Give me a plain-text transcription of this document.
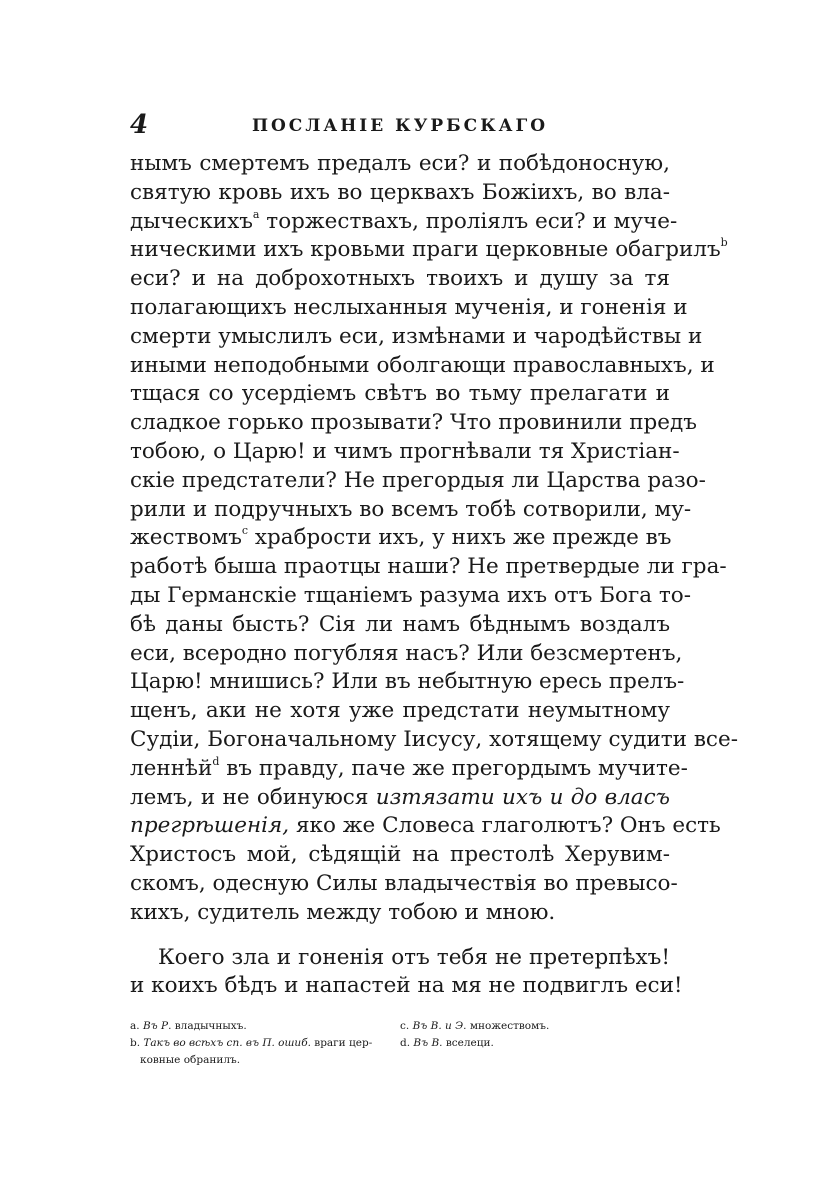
4	ПОСЛАНІЕ КУРБСКАГО
нымъ смертемъ предалъ еси? и побѣдоносную,
святую кровь ихъ во церквахъ Божіихъ, во вла-
дыческихъ$^a$ торжествахъ, проліялъ еси? и муче-
ническими ихъ кровьми праги церковные обагрилъ$^b$
еси? и на доброхотныхъ твоихъ и душу за тя
полагающихъ неслыханныя мученія, и гоненія и
смерти умыслилъ еси, измѣнами и чародѣйствы и
иными неподобными оболгающи православныхъ, и
тщася со усердіемъ свѣтъ во тьму прелагати и
сладкое горько прозывати? Что провинили предъ
тобою, о Царю! и чимъ прогнѣвали тя Христіан-
скіе предстатели? Не прегордыя ли Царства разо-
рили и подручныхъ во всемъ тобѣ сотворили, му-
жествомъ$^c$ храбрости ихъ, у нихъ же прежде въ
работѣ быша праотцы наши? Не претвердые ли гра-
ды Германскіе тщаніемъ разума ихъ отъ Бога то-
бѣ даны бысть? Сія ли намъ бѣднымъ воздалъ
еси, всеродно погубляя насъ? Или безсмертенъ,
Царю! мнишись? Или въ небытную ересь прелъ-
щенъ, аки не хотя уже предстати неумытному
Судіи, Богоначальному Іисусу, хотящему судити все-
леннѣй$^d$ въ правду, паче же прегордымъ мучите-
лемъ, и не обинуюся изтязати ихъ и до власъ
прегрѣшенія, яко же Словеса глаголютъ? Онъ есть
Христосъ мой, сѣдящій на престолѣ Херувим-
скомъ, одесную Силы владычествія во превысо-
кихъ, судитель между тобою и мною.
Коего зла и гоненія отъ тебя не претерпѣхъ!
и коихъ бѣдъ и напастей на мя не подвиглъ еси!
a. Въ Р. владычныхъ.
b. Такъ во всѣхъ сп. въ П. ошиб. враги цер-
ковные обранилъ.
c. Въ В. и Э. множествомъ.
d. Въ В. вселеци.
